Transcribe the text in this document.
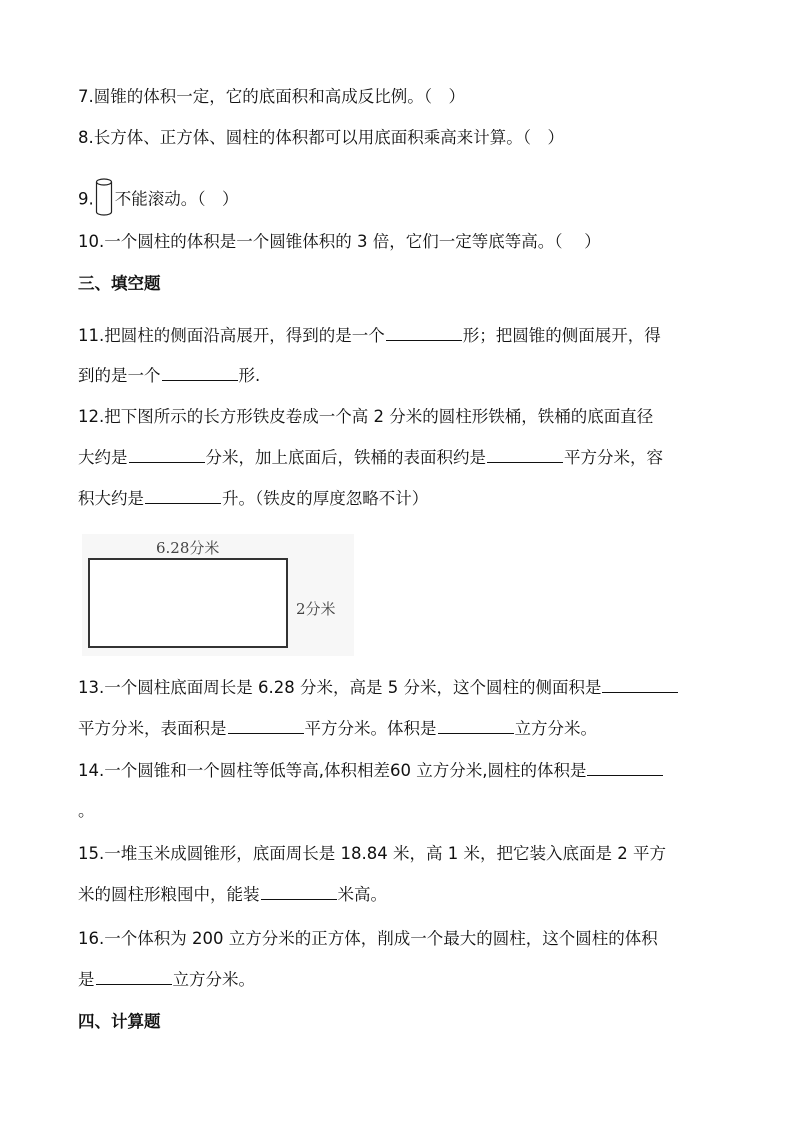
7.圆锥的体积一定，它的底面积和高成反比例。（　）
8.长方体、正方体、圆柱的体积都可以用底面积乘高来计算。（　）
9. 不能滚动。（　）
10.一个圆柱的体积是一个圆锥体积的 3 倍，它们一定等底等高。（　 ）
三、填空题
11.把圆柱的侧面沿高展开，得到的是一个	形；把圆锥的侧面展开，得
到的是一个	形.
12.把下图所示的长方形铁皮卷成一个高 2 分米的圆柱形铁桶，铁桶的底面直径
大约是	分米，加上底面后，铁桶的表面积约是	平方分米，容
积大约是	升。（铁皮的厚度忽略不计）
6.28分米
2分米
13.一个圆柱底面周长是 6.28 分米，高是 5 分米，这个圆柱的侧面积是
平方分米，表面积是	平方分米。体积是	立方分米。
14.一个圆锥和一个圆柱等低等高,体积相差60 立方分米,圆柱的体积是
。
15.一堆玉米成圆锥形，底面周长是 18.84 米，高 1 米，把它装入底面是 2 平方
米的圆柱形粮囤中，能装	米高。
16.一个体积为 200 立方分米的正方体，削成一个最大的圆柱，这个圆柱的体积
是	立方分米。
四、计算题
